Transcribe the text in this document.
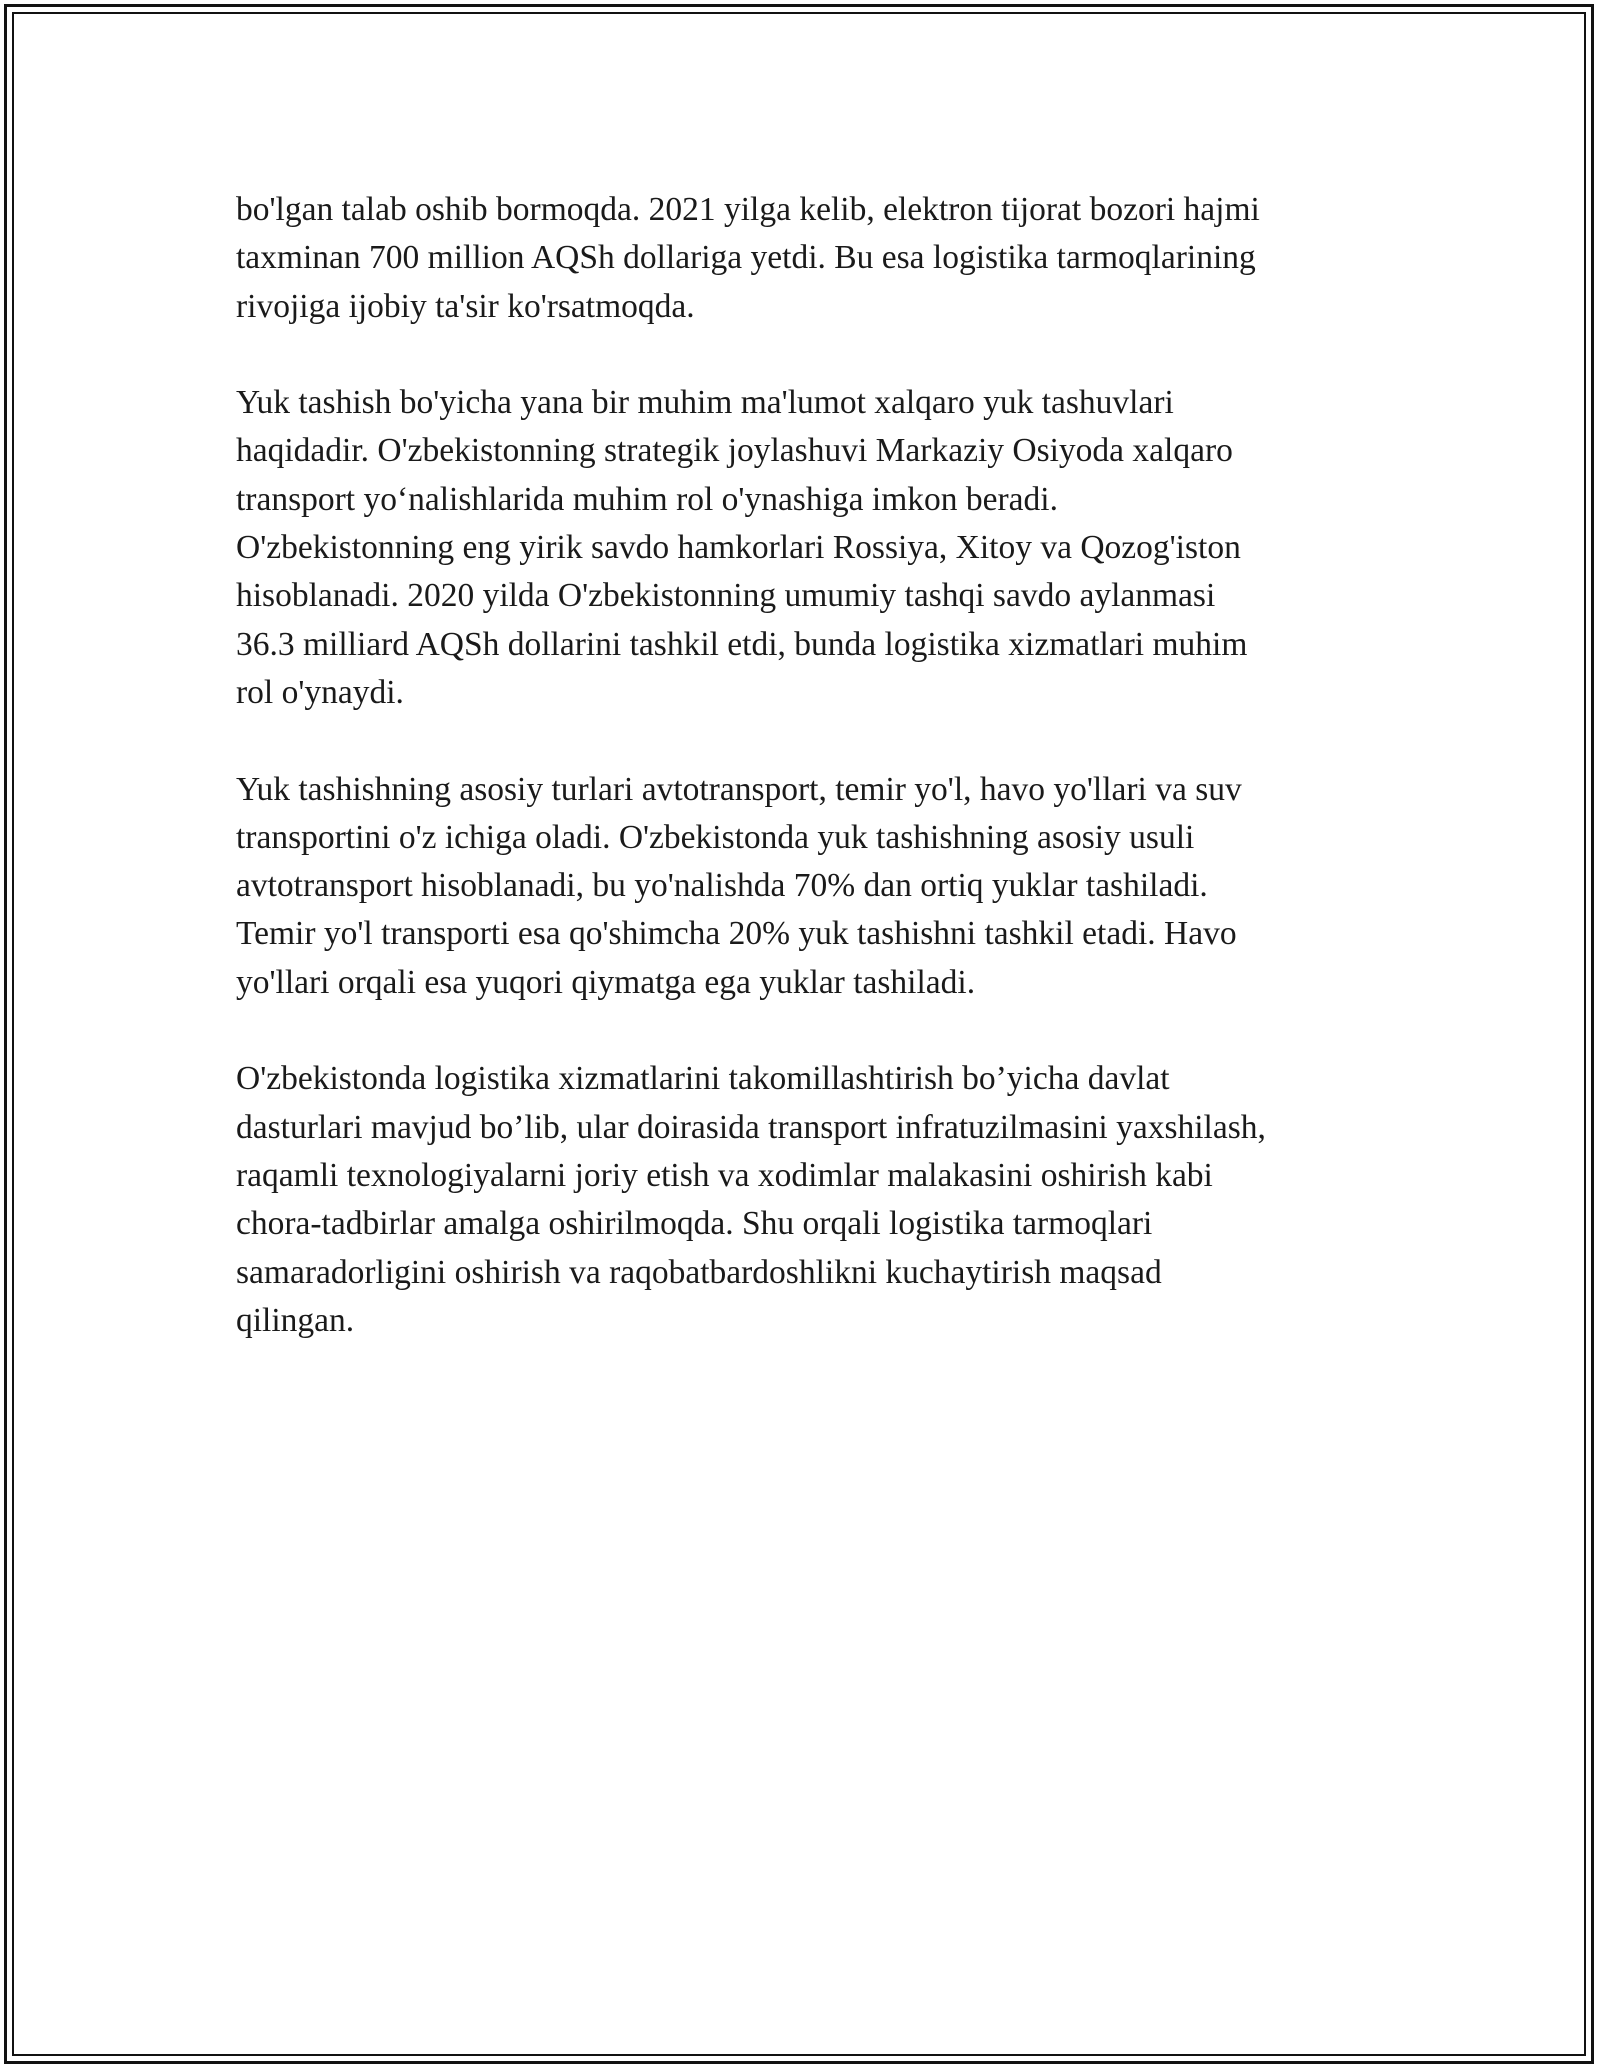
bo'lgan talab oshib bormoqda. 2021 yilga kelib, elektron tijorat bozori hajmi
taxminan 700 million AQSh dollariga yetdi. Bu esa logistika tarmoqlarining
rivojiga ijobiy ta'sir ko'rsatmoqda.

Yuk tashish bo'yicha yana bir muhim ma'lumot xalqaro yuk tashuvlari
haqidadir. O'zbekistonning strategik joylashuvi Markaziy Osiyoda xalqaro
transport yo‘nalishlarida muhim rol o'ynashiga imkon beradi.
O'zbekistonning eng yirik savdo hamkorlari Rossiya, Xitoy va Qozog'iston
hisoblanadi. 2020 yilda O'zbekistonning umumiy tashqi savdo aylanmasi
36.3 milliard AQSh dollarini tashkil etdi, bunda logistika xizmatlari muhim
rol o'ynaydi.

Yuk tashishning asosiy turlari avtotransport, temir yo'l, havo yo'llari va suv
transportini o'z ichiga oladi. O'zbekistonda yuk tashishning asosiy usuli
avtotransport hisoblanadi, bu yo'nalishda 70% dan ortiq yuklar tashiladi.
Temir yo'l transporti esa qo'shimcha 20% yuk tashishni tashkil etadi. Havo
yo'llari orqali esa yuqori qiymatga ega yuklar tashiladi.

O'zbekistonda logistika xizmatlarini takomillashtirish bo’yicha davlat
dasturlari mavjud bo’lib, ular doirasida transport infratuzilmasini yaxshilash,
raqamli texnologiyalarni joriy etish va xodimlar malakasini oshirish kabi
chora-tadbirlar amalga oshirilmoqda. Shu orqali logistika tarmoqlari
samaradorligini oshirish va raqobatbardoshlikni kuchaytirish maqsad
qilingan.
